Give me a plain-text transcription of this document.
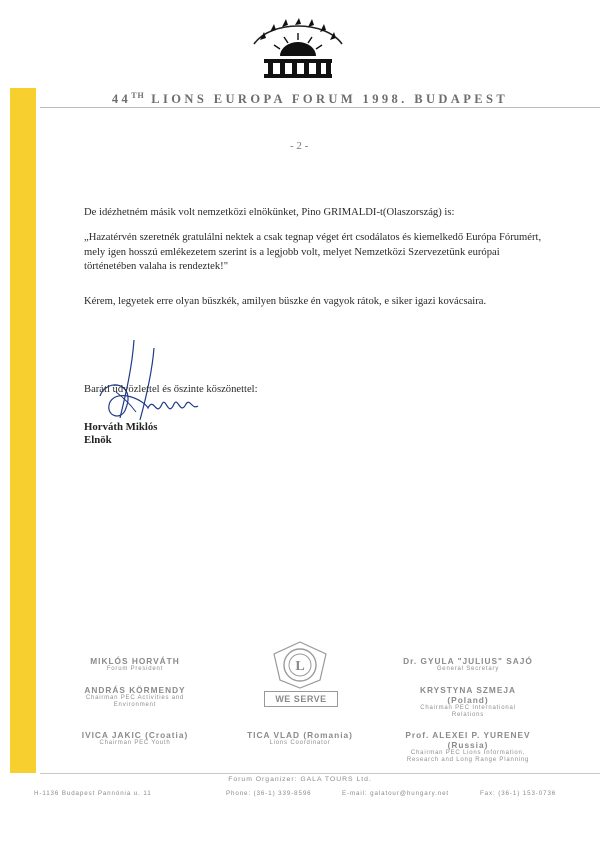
44TH LIONS EUROPA FORUM 1998. BUDAPEST
- 2 -
De idézhetném másik volt nemzetközi elnökünket, Pino GRIMALDI-t(Olaszország) is:
„Hazatérvén szeretnék gratulálni nektek a csak tegnap véget ért csodálatos és kiemelkedő Európa Fórumért, mely igen hosszú emlékezetem szerint is a legjobb volt, melyet Nemzetközi Szervezetünk európai történetében valaha is rendeztek!"
Kérem, legyetek erre olyan büszkék, amilyen büszke én vagyok rátok, e siker igazi kovácsaira.
Baráti üdvözlettel és őszinte köszönettel:
Horváth Miklós
Elnök
MIKLÓS HORVÁTH
Forum President
Dr. GYULA "JULIUS" SAJÓ
General Secretary
ANDRÁS KÖRMENDY
Chairman PEC Activities and
Environment
KRYSTYNA SZMEJA
(Poland)
Chairman PEC International
Relations
IVICA JAKIC (Croatia)
Chairman PEC Youth
TICA VLAD (Romania)
Lions Coordinator
Prof. ALEXEI P. YURENEV
(Russia)
Chairman PEC Lions Information,
Research and Long Range Planning
L
WE SERVE
Forum Organizer: GALA TOURS Ltd.
H-1136 Budapest Pannónia u. 11	Phone: (36-1) 339-8596	E-mail: galatour@hungary.net	Fax: (36-1) 153-0736
